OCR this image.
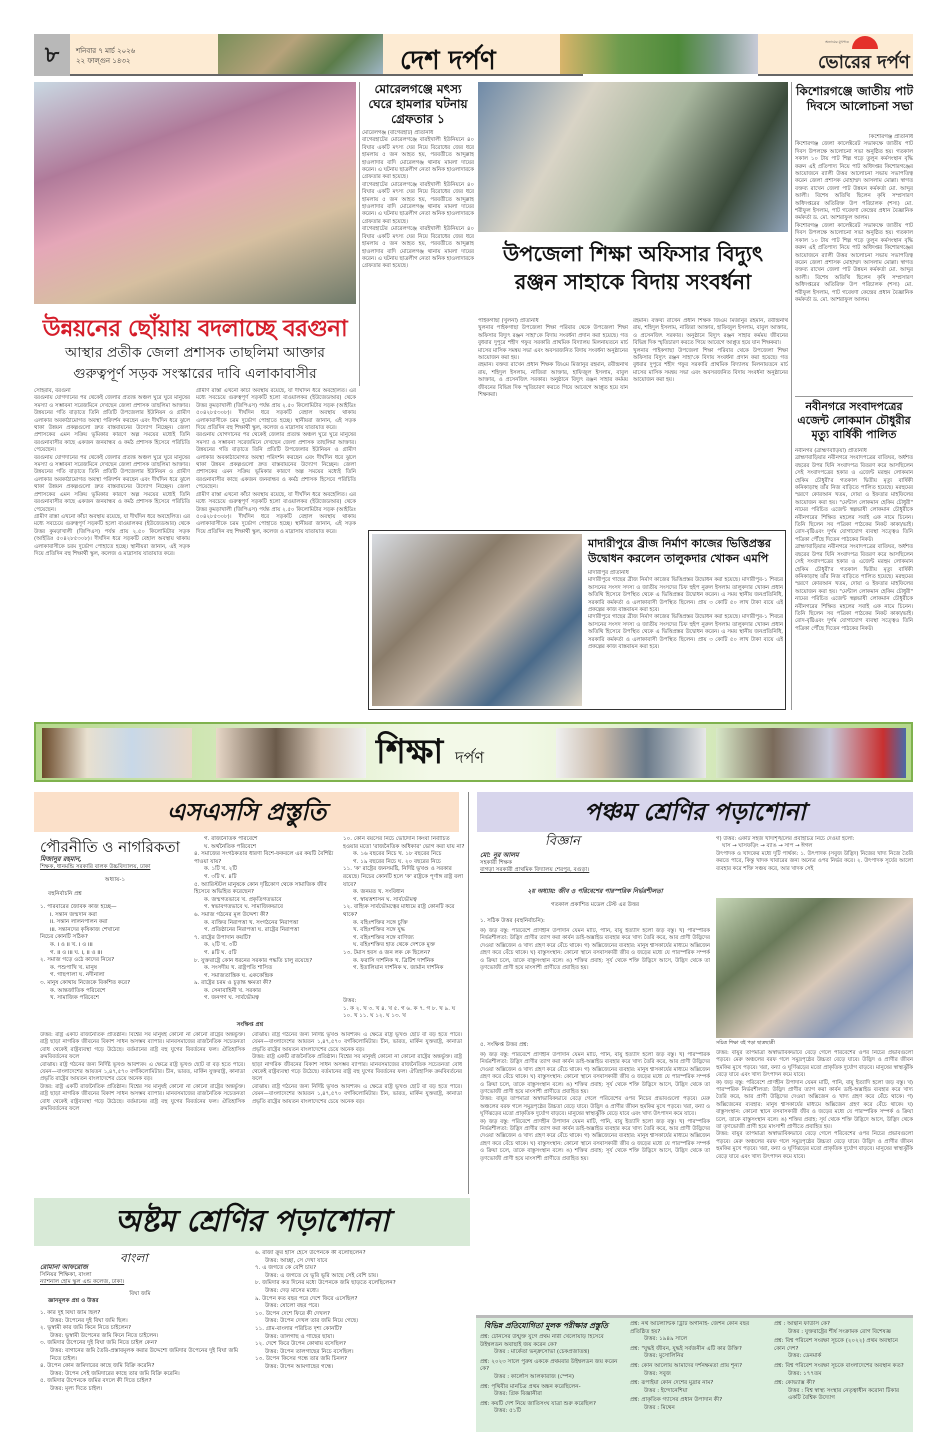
৮	শনিবার ৭ মার্চ ২০২৬
২২ ফাল্গুন ১৪৩২	দেশ দর্পণ
অন্যায়ের মুখপাত্র
ভোরের দর্পণ
উন্নয়নের ছোঁয়ায় বদলাচ্ছে বরগুনা
আস্থার প্রতীক জেলা প্রশাসক তাছলিমা আক্তার
গুরুত্বপূর্ণ সড়ক সংস্কারের দাবি এলাকাবাসীর
সোহরাব, বরগুনা
বরগুনায় যোগদানের পর থেকেই জেলার প্রত্যন্ত অঞ্চল ঘুরে ঘুরে মানুষের সমস্যা ও সম্ভাবনা সরেজমিনে দেখছেন জেলা প্রশাসক তাছলিমা আক্তার। উন্নয়নের গতি বাড়াতে তিনি প্রতিটি উপজেলার ইউনিয়ন ও গ্রামীণ এলাকার অবকাঠামোগত অবস্থা পরিদর্শন করছেন এবং দীর্ঘদিন ধরে ঝুলে থাকা উন্নয়ন প্রকল্পগুলো দ্রুত বাস্তবায়নের উদ্যোগ নিচ্ছেন। জেলা প্রশাসকের এমন সক্রিয় ভূমিকার কারণে অল্প সময়ের মধ্যেই তিনি বরগুনাবাসীর কাছে একজন জনবান্ধব ও কর্মঠ প্রশাসক হিসেবে পরিচিতি পেয়েছেন।
বরগুনায় যোগদানের পর থেকেই জেলার প্রত্যন্ত অঞ্চল ঘুরে ঘুরে মানুষের সমস্যা ও সম্ভাবনা সরেজমিনে দেখছেন জেলা প্রশাসক তাছলিমা আক্তার। উন্নয়নের গতি বাড়াতে তিনি প্রতিটি উপজেলার ইউনিয়ন ও গ্রামীণ এলাকার অবকাঠামোগত অবস্থা পরিদর্শন করছেন এবং দীর্ঘদিন ধরে ঝুলে থাকা উন্নয়ন প্রকল্পগুলো দ্রুত বাস্তবায়নের উদ্যোগ নিচ্ছেন। জেলা প্রশাসকের এমন সক্রিয় ভূমিকার কারণে অল্প সময়ের মধ্যেই তিনি বরগুনাবাসীর কাছে একজন জনবান্ধব ও কর্মঠ প্রশাসক হিসেবে পরিচিতি পেয়েছেন।
গ্রামীণ রাস্তা এখনো কাঁচা অবস্থায় রয়েছে, যা দীর্ঘদিন ধরে অবহেলিত। এর মধ্যে সবচেয়ে গুরুত্বপূর্ণ সড়কটি হলো বাওয়ালকর (ইউজেডআর) থেকে উত্তর কুমড়াখালী (জিপিএস) পর্যন্ত প্রায় ২.৫০ কিলোমিটার সড়ক (আইডিঃ ৫০৪২৮৫৩০৮)। দীর্ঘদিন ধরে সড়কটি বেহাল অবস্থায় থাকায় এলাকাবাসীকে চরম দুর্ভোগ পোহাতে হচ্ছে। স্থানীয়রা জানান, এই সড়ক দিয়ে প্রতিদিন বহু শিক্ষার্থী স্কুল, কলেজ ও মাদ্রাসায় যাতায়াত করে।
গ্রামীণ রাস্তা এখনো কাঁচা অবস্থায় রয়েছে, যা দীর্ঘদিন ধরে অবহেলিত। এর মধ্যে সবচেয়ে গুরুত্বপূর্ণ সড়কটি হলো বাওয়ালকর (ইউজেডআর) থেকে উত্তর কুমড়াখালী (জিপিএস) পর্যন্ত প্রায় ২.৫০ কিলোমিটার সড়ক (আইডিঃ ৫০৪২৮৫৩০৮)। দীর্ঘদিন ধরে সড়কটি বেহাল অবস্থায় থাকায় এলাকাবাসীকে চরম দুর্ভোগ পোহাতে হচ্ছে। স্থানীয়রা জানান, এই সড়ক দিয়ে প্রতিদিন বহু শিক্ষার্থী স্কুল, কলেজ ও মাদ্রাসায় যাতায়াত করে।
বরগুনায় যোগদানের পর থেকেই জেলার প্রত্যন্ত অঞ্চল ঘুরে ঘুরে মানুষের সমস্যা ও সম্ভাবনা সরেজমিনে দেখছেন জেলা প্রশাসক তাছলিমা আক্তার। উন্নয়নের গতি বাড়াতে তিনি প্রতিটি উপজেলার ইউনিয়ন ও গ্রামীণ এলাকার অবকাঠামোগত অবস্থা পরিদর্শন করছেন এবং দীর্ঘদিন ধরে ঝুলে থাকা উন্নয়ন প্রকল্পগুলো দ্রুত বাস্তবায়নের উদ্যোগ নিচ্ছেন। জেলা প্রশাসকের এমন সক্রিয় ভূমিকার কারণে অল্প সময়ের মধ্যেই তিনি বরগুনাবাসীর কাছে একজন জনবান্ধব ও কর্মঠ প্রশাসক হিসেবে পরিচিতি পেয়েছেন।
গ্রামীণ রাস্তা এখনো কাঁচা অবস্থায় রয়েছে, যা দীর্ঘদিন ধরে অবহেলিত। এর মধ্যে সবচেয়ে গুরুত্বপূর্ণ সড়কটি হলো বাওয়ালকর (ইউজেডআর) থেকে উত্তর কুমড়াখালী (জিপিএস) পর্যন্ত প্রায় ২.৫০ কিলোমিটার সড়ক (আইডিঃ ৫০৪২৮৫৩০৮)। দীর্ঘদিন ধরে সড়কটি বেহাল অবস্থায় থাকায় এলাকাবাসীকে চরম দুর্ভোগ পোহাতে হচ্ছে। স্থানীয়রা জানান, এই সড়ক দিয়ে প্রতিদিন বহু শিক্ষার্থী স্কুল, কলেজ ও মাদ্রাসায় যাতায়াত করে।
মোরেলগঞ্জে মৎস্য ঘেরে হামলার ঘটনায় গ্রেফতার ১
মোরেলগঞ্জ (বাগেরহাট) প্রতিনিধি
বাগেরহাটের মোরেলগঞ্জে বারইখালী ইউনিয়নে ৪০ বিঘার একটি মৎস্য ঘের নিয়ে বিরোধের জের ধরে হামলায় ৫ জন আহত হয়, পরবর্তীতে আব্দুল্লাহ হাওলাদার বাদি মোরেলগঞ্জ থানায় মামলা দায়ের করেন। এ ঘটনায় ছাত্রলীগ নেতা অনিক হাওলাদারকে গ্রেফতার করা হয়েছে।
বাগেরহাটের মোরেলগঞ্জে বারইখালী ইউনিয়নে ৪০ বিঘার একটি মৎস্য ঘের নিয়ে বিরোধের জের ধরে হামলায় ৫ জন আহত হয়, পরবর্তীতে আব্দুল্লাহ হাওলাদার বাদি মোরেলগঞ্জ থানায় মামলা দায়ের করেন। এ ঘটনায় ছাত্রলীগ নেতা অনিক হাওলাদারকে গ্রেফতার করা হয়েছে।
বাগেরহাটের মোরেলগঞ্জে বারইখালী ইউনিয়নে ৪০ বিঘার একটি মৎস্য ঘের নিয়ে বিরোধের জের ধরে হামলায় ৫ জন আহত হয়, পরবর্তীতে আব্দুল্লাহ হাওলাদার বাদি মোরেলগঞ্জ থানায় মামলা দায়ের করেন। এ ঘটনায় ছাত্রলীগ নেতা অনিক হাওলাদারকে গ্রেফতার করা হয়েছে।
উপজেলা শিক্ষা অফিসার বিদ্যুৎ
রঞ্জন সাহাকে বিদায় সংবর্ধনা
পাইকগাছা (খুলনা) প্রতিনিধি
খুলনার পাইকগাছা উপজেলা শিক্ষা পরিবার থেকে উপজেলা শিক্ষা অফিসার বিদ্যুৎ রঞ্জন সাহা'কে বিদায় সংবর্ধনা প্রদান করা হয়েছে। গত বুধবার দুপুরে শহীদ গফুর সরকারি প্রাথমিক বিদ্যালয় মিলনায়তনে মার্চ মাসের মাসিক সমন্বয় সভা এবং অবসরজনিত বিদায় সংবর্ধনা অনুষ্ঠানের আয়োজন করা হয়।
রহমান। বক্তব্য রাখেন প্রধান শিক্ষক জিএম মিজানুর রহমান, রবীন্দ্রনাথ রায়, শহিদুল ইসলাম, নাজিরা আক্তার, হাফিজুল ইসলাম, বাবুল আক্তার, ও প্রসেনজিৎ সরকার। অনুষ্ঠানে বিদ্যুৎ রঞ্জন সাহার কর্মময় জীবনের বিভিন্ন দিক স্মৃতিচারণ করতে গিয়ে আবেগে আপ্লুত হয়ে যান শিক্ষকরা।
রহমান। বক্তব্য রাখেন প্রধান শিক্ষক জিএম মিজানুর রহমান, রবীন্দ্রনাথ রায়, শহিদুল ইসলাম, নাজিরা আক্তার, হাফিজুল ইসলাম, বাবুল আক্তার, ও প্রসেনজিৎ সরকার। অনুষ্ঠানে বিদ্যুৎ রঞ্জন সাহার কর্মময় জীবনের বিভিন্ন দিক স্মৃতিচারণ করতে গিয়ে আবেগে আপ্লুত হয়ে যান শিক্ষকরা।
খুলনার পাইকগাছা উপজেলা শিক্ষা পরিবার থেকে উপজেলা শিক্ষা অফিসার বিদ্যুৎ রঞ্জন সাহা'কে বিদায় সংবর্ধনা প্রদান করা হয়েছে। গত বুধবার দুপুরে শহীদ গফুর সরকারি প্রাথমিক বিদ্যালয় মিলনায়তনে মার্চ মাসের মাসিক সমন্বয় সভা এবং অবসরজনিত বিদায় সংবর্ধনা অনুষ্ঠানের আয়োজন করা হয়।
কিশোরগঞ্জে জাতীয় পাট দিবসে আলোচনা সভা
কিশোরগঞ্জ প্রতিনিধি
কিশোরগঞ্জ জেলা কালেক্টরেট সভাকক্ষে জাতীয় পাট দিবস উপলক্ষে আলোচনা সভা অনুষ্ঠিত হয়। গতকাল সকাল ১০ টায় পাট শিল্প গড়ে তুলুন কর্মসংস্থান বৃদ্ধি করুন এই প্রতিপাদ্য নিয়ে পাট অধিদপ্তর কিশোরগঞ্জের আয়োজনে র‍্যালী উত্তর আলোচনা সভায় সভাপতিত্ব করেন জেলা প্রশাসক মোহাম্মদ আসলাম মোল্লা। স্বাগত বক্তব্য রাখেন জেলা পাট উন্নয়ন কর্মকর্তা মো. আব্দুর আলী। বিশেষ অতিথি ছিলেন কৃষি সম্প্রসারণ অধিদপ্তরের অতিরিক্ত উপ পরিচালক (শস্য) মো. শরীফুল ইসলাম, পাট গবেষণা কেন্দ্রের প্রধান বৈজ্ঞানিক কর্মকর্তা ড. মো. আশরাফুল আলম।
কিশোরগঞ্জ জেলা কালেক্টরেট সভাকক্ষে জাতীয় পাট দিবস উপলক্ষে আলোচনা সভা অনুষ্ঠিত হয়। গতকাল সকাল ১০ টায় পাট শিল্প গড়ে তুলুন কর্মসংস্থান বৃদ্ধি করুন এই প্রতিপাদ্য নিয়ে পাট অধিদপ্তর কিশোরগঞ্জের আয়োজনে র‍্যালী উত্তর আলোচনা সভায় সভাপতিত্ব করেন জেলা প্রশাসক মোহাম্মদ আসলাম মোল্লা। স্বাগত বক্তব্য রাখেন জেলা পাট উন্নয়ন কর্মকর্তা মো. আব্দুর আলী। বিশেষ অতিথি ছিলেন কৃষি সম্প্রসারণ অধিদপ্তরের অতিরিক্ত উপ পরিচালক (শস্য) মো. শরীফুল ইসলাম, পাট গবেষণা কেন্দ্রের প্রধান বৈজ্ঞানিক কর্মকর্তা ড. মো. আশরাফুল আলম।
নবীনগরে সংবাদপত্রের এজেন্ট লোকমান চৌধুরীর মৃত্যু বার্ষিকী পালিত
নবীনগর (ব্রাহ্মণবাড়িয়া) প্রতিনিধি
ব্রাহ্মণবাড়িয়ার নবীনগরে সংবাদপত্রের বাতিঘর, অর্ধশত বছরের উপর যিনি সংবাদপত্র বিতরণ করে আসছিলেন সেই সংবাদপত্রের হকার ও এজেন্ট মরহুম লোকমান হেকিম চৌধুরী'র গতকাল দ্বিতীয় মৃত্যু বার্ষিকী কনিকাড়াস্থ তাঁর নিজ বাড়িতে পালিত হয়েছে। মরহুমের স্মরণে কোরআন খতম, দোয়া ও ইফতার মাহফিলের আয়োজন করা হয়। "মেন্টাল লোকমান হেকিম চৌধুরী" নামের পরিচিত এজেন্ট স্বল্পভাষী লোকমান চৌধুরীকে নবীনগরের শিক্ষিত মহলের সবাই এক নামে চিনেন। তিনি ছিলেন সব পত্রিকা পাঠকের নিকট কাকা/ভাই। রোদ-বৃষ্টিএবং দুর্গম যোগাযোগ ব্যবস্থা সত্ত্বেও তিনি পত্রিকা পৌঁছে দিতেন পাঠকের নিকট।
ব্রাহ্মণবাড়িয়ার নবীনগরে সংবাদপত্রের বাতিঘর, অর্ধশত বছরের উপর যিনি সংবাদপত্র বিতরণ করে আসছিলেন সেই সংবাদপত্রের হকার ও এজেন্ট মরহুম লোকমান হেকিম চৌধুরী'র গতকাল দ্বিতীয় মৃত্যু বার্ষিকী কনিকাড়াস্থ তাঁর নিজ বাড়িতে পালিত হয়েছে। মরহুমের স্মরণে কোরআন খতম, দোয়া ও ইফতার মাহফিলের আয়োজন করা হয়। "মেন্টাল লোকমান হেকিম চৌধুরী" নামের পরিচিত এজেন্ট স্বল্পভাষী লোকমান চৌধুরীকে নবীনগরের শিক্ষিত মহলের সবাই এক নামে চিনেন। তিনি ছিলেন সব পত্রিকা পাঠকের নিকট কাকা/ভাই। রোদ-বৃষ্টিএবং দুর্গম যোগাযোগ ব্যবস্থা সত্ত্বেও তিনি পত্রিকা পৌঁছে দিতেন পাঠকের নিকট।
মাদারীপুরে ব্রীজ নির্মাণ কাজের ভিত্তিপ্রস্তর
উদ্বোধন করলেন তালুকদার খোকন এমপি
মাদারীপুর প্রতিনিধি
মাদারীপুরে গাছের ব্রীজ নির্মাণ কাজের ভিত্তিপ্রস্তর উদ্বোধন করা হয়েছে। মাদারীপুর-১ শিবচর আসনের সংসদ সদস্য ও জাতীয় সংসদের চিফ হুইপ নুরুল ইসলাম তালুকদার খোকন প্রধান অতিথি হিসেবে উপস্থিত থেকে এ ভিত্তিপ্রস্তর উদ্বোধন করেন। এ সময় স্থানীয় জনপ্রতিনিধি, সরকারি কর্মকর্তা ও এলাকাবাসী উপস্থিত ছিলেন। প্রায় ৩ কোটি ৫০ লাখ টাকা ব্যয়ে এই প্রকল্পের কাজ বাস্তবায়ন করা হবে।
মাদারীপুরে গাছের ব্রীজ নির্মাণ কাজের ভিত্তিপ্রস্তর উদ্বোধন করা হয়েছে। মাদারীপুর-১ শিবচর আসনের সংসদ সদস্য ও জাতীয় সংসদের চিফ হুইপ নুরুল ইসলাম তালুকদার খোকন প্রধান অতিথি হিসেবে উপস্থিত থেকে এ ভিত্তিপ্রস্তর উদ্বোধন করেন। এ সময় স্থানীয় জনপ্রতিনিধি, সরকারি কর্মকর্তা ও এলাকাবাসী উপস্থিত ছিলেন। প্রায় ৩ কোটি ৫০ লাখ টাকা ব্যয়ে এই প্রকল্পের কাজ বাস্তবায়ন করা হবে।
শিক্ষা দর্পণ
এসএসসি প্রস্তুতি	পঞ্চম শ্রেণির পড়াশোনা
পৌরনীতি ও নাগরিকতা
মিজানুর রহমান,
শিক্ষক, ধানমন্ডি সরকারি বালক উচ্চবিদ্যালয়, ঢাকা
অধ্যায়-১
বহুনির্বাচনি প্রশ্ন
১. পরিবারের জৈবিক কাজ হচ্ছে—
i. সন্তান জন্মদান করা
ii. সন্তান লালনপালন করা
iii. সন্তানদের কৃষিকাজ শেখানো
নিচের কোনটি সঠিক?
ক. i ও ii খ. i ও iii
গ. ii ও iii ঘ. i, ii ও iii
২. সমাজ গড়ে ওঠে কাদের নিয়ে?
ক. পশুপাখি খ. মানুষ
গ. গাছপালা ঘ. নদীনালা
৩. মানুষ কোথায় নিজেকে বিকশিত করে?
ক. আন্তর্জাতিক পরিবেশে
খ. সামাজিক পরিবেশে
গ. রাজনৈতিক পরিবেশে
ঘ. অর্থনৈতিক পরিবেশে
৪. সমাজের সংগঠকতার ধারণা বিশে-ফকবলে এর কয়টি বৈশিষ্ট্য পাওয়া যায়?
ক. ১টি খ. ২টি
গ. ৩টি ঘ. ৪টি
৫. অ্যারিস্টটল মানুষকে কোন দৃষ্টিকোণ থেকে সামাজিক জীব হিসেবে অভিহিত করেছেন?
ক. জন্মগতভাবে খ. প্রকৃতিগতভাবে
গ. স্বভাবগতভাবে ঘ. সামাজিকভাবে
৬. সমাজ গঠনের মূল উদ্দেশ্য কী?
ক. ব্যক্তির নিরাপত্তা খ. সংগঠনের নিরাপত্তা
গ. প্রতিষ্ঠানের নিরাপত্তা ঘ. রাষ্ট্রের নিরাপত্তা
৭. রাষ্ট্রের উপাদান কয়টি?
ক. ২টি খ. ৩টি
গ. ৪টি ঘ. ৫টি
৮. যুক্তরাষ্ট্রে কোন ধরনের সরকার পদ্ধতি চালু রয়েছে?
ক. সংসদীয় খ. রাষ্ট্রপতি শাসিত
গ. সমাজতান্ত্রিক ঘ. এককেন্দ্রিক
৯. রাষ্ট্রের চরম ও চূড়ান্ত ক্ষমতা কী?
ক. সেনাবাহিনী খ. সরকার
গ. জনগণ ঘ. সার্বভৌমত্ব
১০. কোন বয়সের নিচে ভোটদান কিংবা নির্বাচিত হওয়ার মতো 'রাজনৈতিক অধিকার' ভোগ করা যায় না?
ক. ১৬ বছরের নিচে খ. ১৮ বছরের নিচে
গ. ১৯ বছরের নিচে ঘ. ২০ বছরের নিচে
১১. 'ক' রাষ্ট্রের জনসমষ্টি, নির্দিষ্ট ভূখণ্ড ও সরকার রয়েছে। নিচের কোনটি হলে 'ক' রাষ্ট্রকে পূর্ণাঙ্গ রাষ্ট্র বলা যাবে?
ক. জনমত খ. সংবিধান
গ. স্বায়ত্তশাসন ঘ. সার্বভৌমত্ব
১২. বাহ্যিক সার্বভৌমত্বের মাধ্যমে রাষ্ট্র কোনটি করে থাকে?
ক. বহিঃশক্তির সঙ্গে চুক্তি
খ. বহিঃশক্তির সঙ্গে যুদ্ধ
গ. বহিঃশক্তির সঙ্গে বাণিজ্য
ঘ. বহিঃশক্তির হাত থেকে দেশকে মুক্ত
১৩. টমাস হবস ও জন লক কে ছিলেন?
ক. ফরাসি দার্শনিক খ. ব্রিটিশ দার্শনিক
গ. ইতালিয়ান দার্শনিক ঘ. জার্মান দার্শনিক
উত্তর:
১. ক ২. খ ৩. খ ৪. খ ৫. গ ৬. ক ৭. গ ৮. খ ৯. ঘ ১০. খ ১১. ঘ ১২. ঘ ১৩. খ
সংক্ষিপ্ত প্রশ্ন
উত্তর: রাষ্ট্র একটি রাজনৈতিক প্রতিষ্ঠান। বিশ্বের সব মানুষই কোনো না কোনো রাষ্ট্রের অন্তর্ভুক্ত। রাষ্ট্র ছাড়া নাগরিক জীবনের বিকাশ সাধন অসম্ভব ব্যাপার। মানবসমাজের রাজনৈতিক সচেতনতা বোধ থেকেই রাষ্ট্রব্যবস্থা গড়ে উঠেছে। বর্তমানের রাষ্ট্র বহু যুগের বিবর্তনের ফল। ঐতিহাসিক ক্রমবিবর্তনের ফলে
বোঝায়। রাষ্ট্র গঠনের জন্য নির্দিষ্ট ভূখণ্ড আবশ্যক। এ ক্ষেত্রে রাষ্ট্র ভূখণ্ড ছোট বা বড় হতে পারে। যেমন—বাংলাদেশের আয়তন ১,৪৭,৫৭০ বর্গকিলোমিটার। চীন, ভারত, মার্কিন যুক্তরাষ্ট্র, কানাডা প্রভৃতি রাষ্ট্রের আয়তন বাংলাদেশের চেয়ে অনেক বড়।
উত্তর: রাষ্ট্র একটি রাজনৈতিক প্রতিষ্ঠান। বিশ্বের সব মানুষই কোনো না কোনো রাষ্ট্রের অন্তর্ভুক্ত। রাষ্ট্র ছাড়া নাগরিক জীবনের বিকাশ সাধন অসম্ভব ব্যাপার। মানবসমাজের রাজনৈতিক সচেতনতা বোধ থেকেই রাষ্ট্রব্যবস্থা গড়ে উঠেছে। বর্তমানের রাষ্ট্র বহু যুগের বিবর্তনের ফল। ঐতিহাসিক ক্রমবিবর্তনের ফলে
বোঝায়। রাষ্ট্র গঠনের জন্য নির্দিষ্ট ভূখণ্ড আবশ্যক। এ ক্ষেত্রে রাষ্ট্র ভূখণ্ড ছোট বা বড় হতে পারে। যেমন—বাংলাদেশের আয়তন ১,৪৭,৫৭০ বর্গকিলোমিটার। চীন, ভারত, মার্কিন যুক্তরাষ্ট্র, কানাডা প্রভৃতি রাষ্ট্রের আয়তন বাংলাদেশের চেয়ে অনেক বড়।
উত্তর: রাষ্ট্র একটি রাজনৈতিক প্রতিষ্ঠান। বিশ্বের সব মানুষই কোনো না কোনো রাষ্ট্রের অন্তর্ভুক্ত। রাষ্ট্র ছাড়া নাগরিক জীবনের বিকাশ সাধন অসম্ভব ব্যাপার। মানবসমাজের রাজনৈতিক সচেতনতা বোধ থেকেই রাষ্ট্রব্যবস্থা গড়ে উঠেছে। বর্তমানের রাষ্ট্র বহু যুগের বিবর্তনের ফল। ঐতিহাসিক ক্রমবিবর্তনের ফলে
বোঝায়। রাষ্ট্র গঠনের জন্য নির্দিষ্ট ভূখণ্ড আবশ্যক। এ ক্ষেত্রে রাষ্ট্র ভূখণ্ড ছোট বা বড় হতে পারে। যেমন—বাংলাদেশের আয়তন ১,৪৭,৫৭০ বর্গকিলোমিটার। চীন, ভারত, মার্কিন যুক্তরাষ্ট্র, কানাডা প্রভৃতি রাষ্ট্রের আয়তন বাংলাদেশের চেয়ে অনেক বড়।
বিজ্ঞান
মো: নুর আলম
সহকারী শিক্ষক
বাগড়া সরকারী প্রাথমিক বিদ্যালয় শেরপুর, বগুড়া।
২য় অধ্যায়: জীব ও পরিবেশের পারস্পরিক নির্ভরশীলতা
গতকাল প্রকাশিত মডেল টেস্ট এর উত্তর
১. সঠিক উত্তর (বহুনির্বাচনি):
ক) জড় বস্তু: পরিবেশে প্রাণহীন উপাদান যেমন মাটি, পানি, বায়ু ইত্যাদি হলো জড় বস্তু। খ) পারস্পরিক নির্ভরশীলতা: উদ্ভিদ প্রাণীর ত্যাগ করা কার্বন ডাই-অক্সাইড ব্যবহার করে খাদ্য তৈরি করে, আর প্রাণী উদ্ভিদের দেওয়া অক্সিজেন ও খাদ্য গ্রহণ করে বেঁচে থাকে। গ) অক্সিজেনের ব্যবহার: মানুষ শ্বাসকার্যের মাধ্যমে অক্সিজেন গ্রহণ করে বেঁচে থাকে। ঘ) বাস্তুসংস্থান: কোনো স্থানে বসবাসকারী জীব ও জড়ের মধ্যে যে পারস্পরিক সম্পর্ক ও ক্রিয়া চলে, তাকে বাস্তুসংস্থান বলে। ঙ) শক্তির প্রবাহ: সূর্য থেকে শক্তি উদ্ভিদে আসে, উদ্ভিদ থেকে তা তৃণভোজী প্রাণী হয়ে মাংসাশী প্রাণীতে প্রবাহিত হয়।
৫. সংক্ষিপ্ত উত্তর প্রশ্ন:
ক) জড় বস্তু: পরিবেশে প্রাণহীন উপাদান যেমন মাটি, পানি, বায়ু ইত্যাদি হলো জড় বস্তু। খ) পারস্পরিক নির্ভরশীলতা: উদ্ভিদ প্রাণীর ত্যাগ করা কার্বন ডাই-অক্সাইড ব্যবহার করে খাদ্য তৈরি করে, আর প্রাণী উদ্ভিদের দেওয়া অক্সিজেন ও খাদ্য গ্রহণ করে বেঁচে থাকে। গ) অক্সিজেনের ব্যবহার: মানুষ শ্বাসকার্যের মাধ্যমে অক্সিজেন গ্রহণ করে বেঁচে থাকে। ঘ) বাস্তুসংস্থান: কোনো স্থানে বসবাসকারী জীব ও জড়ের মধ্যে যে পারস্পরিক সম্পর্ক ও ক্রিয়া চলে, তাকে বাস্তুসংস্থান বলে। ঙ) শক্তির প্রবাহ: সূর্য থেকে শক্তি উদ্ভিদে আসে, উদ্ভিদ থেকে তা তৃণভোজী প্রাণী হয়ে মাংসাশী প্রাণীতে প্রবাহিত হয়।
উত্তর: বায়ুর তাপমাত্রা অস্বাভাবিকভাবে বেড়ে গেলে পরিবেশের ওপর নিচের প্রভাবগুলো পড়বে। মেরু অঞ্চলের বরফ গলে সমুদ্রপৃষ্ঠের উচ্চতা বেড়ে যাবে। উদ্ভিদ ও প্রাণীর জীবন হুমকির মুখে পড়বে। খরা, বন্যা ও ঘূর্ণিঝড়ের মতো প্রাকৃতিক দুর্যোগ বাড়বে। মানুষের স্বাস্থ্যঝুঁকি বেড়ে যাবে এবং খাদ্য উৎপাদন কমে যাবে।
ক) জড় বস্তু: পরিবেশে প্রাণহীন উপাদান যেমন মাটি, পানি, বায়ু ইত্যাদি হলো জড় বস্তু। খ) পারস্পরিক নির্ভরশীলতা: উদ্ভিদ প্রাণীর ত্যাগ করা কার্বন ডাই-অক্সাইড ব্যবহার করে খাদ্য তৈরি করে, আর প্রাণী উদ্ভিদের দেওয়া অক্সিজেন ও খাদ্য গ্রহণ করে বেঁচে থাকে। গ) অক্সিজেনের ব্যবহার: মানুষ শ্বাসকার্যের মাধ্যমে অক্সিজেন গ্রহণ করে বেঁচে থাকে। ঘ) বাস্তুসংস্থান: কোনো স্থানে বসবাসকারী জীব ও জড়ের মধ্যে যে পারস্পরিক সম্পর্ক ও ক্রিয়া চলে, তাকে বাস্তুসংস্থান বলে। ঙ) শক্তির প্রবাহ: সূর্য থেকে শক্তি উদ্ভিদে আসে, উদ্ভিদ থেকে তা তৃণভোজী প্রাণী হয়ে মাংসাশী প্রাণীতে প্রবাহিত হয়।
গ) উত্তর: একটি সহজ খাদ্যশৃঙ্খলের প্রবাহচিত্র নিচে দেওয়া হলো:
ঘাস → ঘাসফড়িং → ব্যাঙ → সাপ → ঈগল
উৎপাদক ও খাদকের মধ্যে দুটি পার্থক্য: ১. উৎপাদক (সবুজ উদ্ভিদ) নিজের খাদ্য নিজে তৈরি করতে পারে, কিন্তু খাদক খাবারের জন্য অন্যের ওপর নির্ভর করে। ২. উৎপাদক সূর্যের আলো ব্যবহার করে শক্তি সঞ্চয় করে, আর খাদক সেই
সচিত্র শিক্ষা বই পড়া ছাত্রছাত্রী
উত্তর: বায়ুর তাপমাত্রা অস্বাভাবিকভাবে বেড়ে গেলে পরিবেশের ওপর নিচের প্রভাবগুলো পড়বে। মেরু অঞ্চলের বরফ গলে সমুদ্রপৃষ্ঠের উচ্চতা বেড়ে যাবে। উদ্ভিদ ও প্রাণীর জীবন হুমকির মুখে পড়বে। খরা, বন্যা ও ঘূর্ণিঝড়ের মতো প্রাকৃতিক দুর্যোগ বাড়বে। মানুষের স্বাস্থ্যঝুঁকি বেড়ে যাবে এবং খাদ্য উৎপাদন কমে যাবে।
ক) জড় বস্তু: পরিবেশে প্রাণহীন উপাদান যেমন মাটি, পানি, বায়ু ইত্যাদি হলো জড় বস্তু। খ) পারস্পরিক নির্ভরশীলতা: উদ্ভিদ প্রাণীর ত্যাগ করা কার্বন ডাই-অক্সাইড ব্যবহার করে খাদ্য তৈরি করে, আর প্রাণী উদ্ভিদের দেওয়া অক্সিজেন ও খাদ্য গ্রহণ করে বেঁচে থাকে। গ) অক্সিজেনের ব্যবহার: মানুষ শ্বাসকার্যের মাধ্যমে অক্সিজেন গ্রহণ করে বেঁচে থাকে। ঘ) বাস্তুসংস্থান: কোনো স্থানে বসবাসকারী জীব ও জড়ের মধ্যে যে পারস্পরিক সম্পর্ক ও ক্রিয়া চলে, তাকে বাস্তুসংস্থান বলে। ঙ) শক্তির প্রবাহ: সূর্য থেকে শক্তি উদ্ভিদে আসে, উদ্ভিদ থেকে তা তৃণভোজী প্রাণী হয়ে মাংসাশী প্রাণীতে প্রবাহিত হয়।
উত্তর: বায়ুর তাপমাত্রা অস্বাভাবিকভাবে বেড়ে গেলে পরিবেশের ওপর নিচের প্রভাবগুলো পড়বে। মেরু অঞ্চলের বরফ গলে সমুদ্রপৃষ্ঠের উচ্চতা বেড়ে যাবে। উদ্ভিদ ও প্রাণীর জীবন হুমকির মুখে পড়বে। খরা, বন্যা ও ঘূর্ণিঝড়ের মতো প্রাকৃতিক দুর্যোগ বাড়বে। মানুষের স্বাস্থ্যঝুঁকি বেড়ে যাবে এবং খাদ্য উৎপাদন কমে যাবে।
অষ্টম শ্রেণির পড়াশোনা
বাংলা
রোমানা আফরোজ
সিনিয়র শিক্ষিকা, বাংলা
ন্যাশনাল হোম স্কুল এন্ড কলেজ, ঢাকা।
বিঘা জমি
জ্ঞানমূলক প্রশ্ন ও উত্তর
১. কার দুই বিঘা জমি ছিল?
উত্তর: উপেনের দুই বিঘা জমি ছিল।
২. ভূস্বামী কার জমি কিনে নিতে চাইলেন?
উত্তর: ভূস্বামী উপেনের জমি কিনে নিতে চাইলেন।
৩. জমিদার উপেনের দুই বিঘা জমি নিতে চাইল কেন?
উত্তর: বাগানের জমি তৈরি-প্রস্তাবমূলক করার উদ্দেশ্যে জমিদার উপেনের দুই বিঘা জমি নিতে চাইল।
৪. উপেন কোন জমিদারের কাছে জমি বিক্রি করেনি?
উত্তর: উপেন সেই জমিদারের কাছে তার জমি বিক্রি করেনি।
৫. জমিদার উপেনকে জমির বদলে কী দিতে চাইল?
উত্তর: মূল্য দিতে চাইল।
৬. রাজা ক্রুর হাসি হেসে উপেনকে কী বলেছিলেন?
উত্তর: আচ্ছা, সে দেখা যাবে
৭. এ জগতে কে বেশি চায়?
উত্তর: এ জগতে যে ভূরি ভূরি আছে সেই বেশি চায়।
৮. জমিদার কত দিনের মধ্যে উপেনকে জমি ছাড়তে বলেছিলেন?
উত্তর: দেড় মাসের মধ্যে।
৯. উপেন কত বছর পরে দেশে ফিরে এসেছিল?
উত্তর: ষোলো বছর পরে।
১০. উপেন দেশে ফিরে কী দেখল?
উত্তর: উপেন দেখল তার জমি নিয়ে গেছে।
১১. গ্রাম-বাংলার পরিচিত দৃশ্য কোনটি?
উত্তর: তালগাছ ও গাছের ছায়া।
১২. দেশে ফিরে উপেন কোথায় বসেছিল?
উত্তর: উপেন তালগাছের নিচে বসেছিল।
১৩. উপেন কিসের গন্ধে তার জমি চিনল?
উত্তর: উপেন আমগাছের গন্ধে।
বিভিন্ন প্রতিযোগিতা মূলক পরীক্ষার প্রস্তুতি
প্রশ্ন: টেনিসের উন্মুক্ত যুগে প্রথম নারী খেলোয়াড় হিসেবে উইম্বলডন অবাছাই জয় করেন কে?
উত্তর : মার্কেতা ভন্দ্রুসোভা (চেকপ্রজাতন্ত্র)
প্রশ্ন: ২০২৩ সালে পুরুষ এককে প্রথমবার উইম্বলডন জয় করেন কে?
উত্তর : কার্লোস আলকারাজ (স্পেন)
প্রশ্ন: পৃথিবীর মানচিত্র প্রথম অঙ্কন করেছিলেন-
উত্তর: গ্রিক বিজ্ঞানীরা
প্রশ্ন: কয়টি দেশ নিয়ে জাতিসংঘ যাত্রা শুরু করেছিল?
উত্তর: ৫১টি
প্রশ্ন: নর্থ আটলান্টিক ট্রিটি অর্গানাই- জেশন কোন বছর প্রতিষ্ঠিত হয়?
উত্তর: ১৯৪৯ সালে
প্রশ্ন: "যুদ্ধই জীবন, যুদ্ধই সর্বজনীন এটি কার উক্তি?
উত্তর: মুসোলিনির
প্রশ্ন: কোন আলোয় আমাদের দর্শনক্ষমতা প্রায় শূন্য?
উত্তর: সবুজ
প্রশ্ন: রূপাইয়া কোন দেশের মুদ্রার নাম?
উত্তর : ইন্দোনেশিয়া
প্রশ্ন: প্রাকৃতিক গ্যাসের প্রধান উপাদান কী?
উত্তর : মিথেন
প্রশ্ন : আন্থনি ফাউসি কে?
উত্তর : যুক্তরাষ্ট্রের শীর্ষ সংক্রামক রোগ বিশেষজ্ঞ
প্রশ্ন: বিশ্ব পরিবেশ সংরক্ষা সূচকে (২০২২) প্রথম অবস্থানে কোন দেশ?
উত্তর: ডেনমার্ক
প্রশ্ন: বিশ্ব পরিবেশ সংরক্ষা সূচকে বাংলাদেশের অবস্থান কত?
উত্তর: ১৭৭তম
প্রশ্ন: কোভ্যাক্স কী?
উত্তর : বিশ্ব স্বাস্থ্য সংস্থার নেতৃত্বাধীন করোনা টিকার একটি বৈশ্বিক উদ্যোগ
